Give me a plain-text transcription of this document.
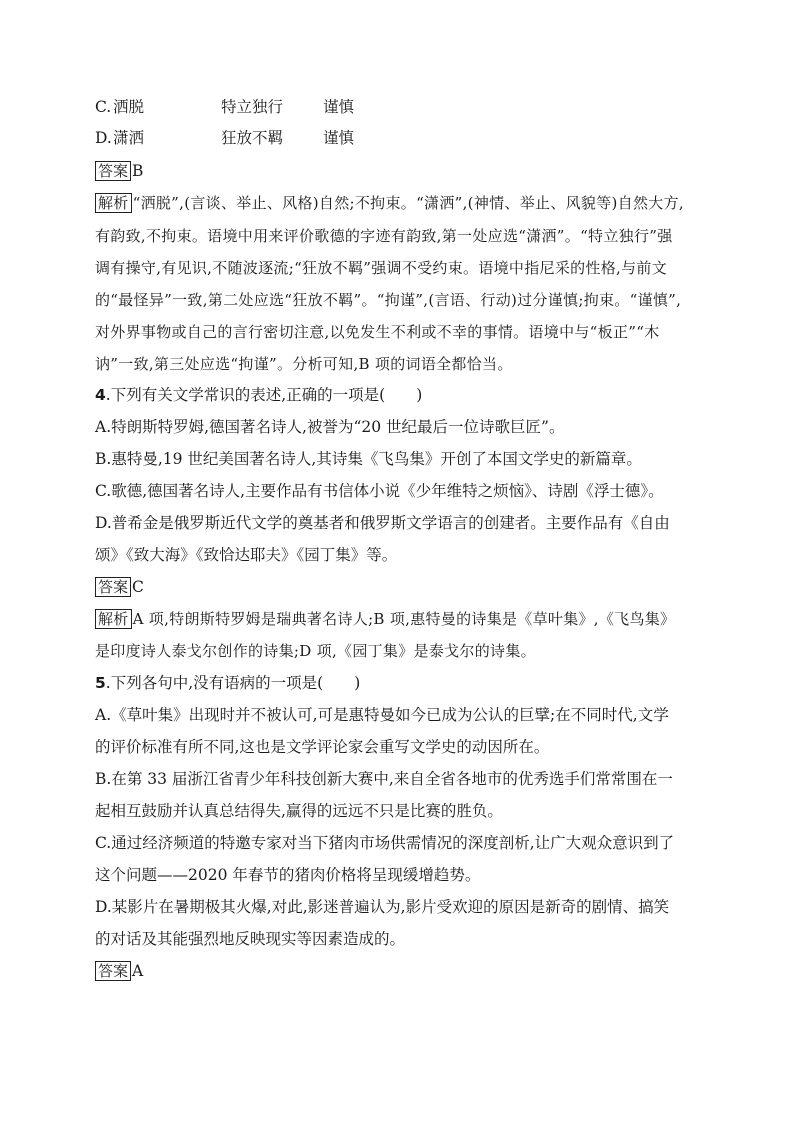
C. 洒脱	特立独行	谨慎
D. 潇洒	狂放不羁	谨慎
答案 B
解析 “洒脱”,(言谈、举止、风格)自然;不拘束。“潇洒”,(神情、举止、风貌等)自然大方,
有韵致,不拘束。语境中用来评价歌德的字迹有韵致,第一处应选“潇洒”。“特立独行”强
调有操守,有见识,不随波逐流;“狂放不羁”强调不受约束。语境中指尼采的性格,与前文
的“最怪异”一致,第二处应选“狂放不羁”。“拘谨”,(言语、行动)过分谨慎;拘束。“谨慎”,
对外界事物或自己的言行密切注意,以免发生不利或不幸的事情。语境中与“板正”“木
讷”一致,第三处应选“拘谨”。分析可知,B 项的词语全都恰当。
4.下列有关文学常识的表述,正确的一项是(　　)
A.特朗斯特罗姆,德国著名诗人,被誉为“20 世纪最后一位诗歌巨匠”。
B.惠特曼,19 世纪美国著名诗人,其诗集《飞鸟集》开创了本国文学史的新篇章。
C.歌德,德国著名诗人,主要作品有书信体小说《少年维特之烦恼》、诗剧《浮士德》。
D.普希金是俄罗斯近代文学的奠基者和俄罗斯文学语言的创建者。主要作品有《自由
颂》《致大海》《致恰达耶夫》《园丁集》等。
答案 C
解析 A 项,特朗斯特罗姆是瑞典著名诗人;B 项,惠特曼的诗集是《草叶集》,《飞鸟集》
是印度诗人泰戈尔创作的诗集;D 项,《园丁集》是泰戈尔的诗集。
5.下列各句中,没有语病的一项是(　　)
A.《草叶集》出现时并不被认可,可是惠特曼如今已成为公认的巨擘;在不同时代,文学
的评价标准有所不同,这也是文学评论家会重写文学史的动因所在。
B.在第 33 届浙江省青少年科技创新大赛中,来自全省各地市的优秀选手们常常围在一
起相互鼓励并认真总结得失,赢得的远远不只是比赛的胜负。
C.通过经济频道的特邀专家对当下猪肉市场供需情况的深度剖析,让广大观众意识到了
这个问题——2020 年春节的猪肉价格将呈现缓增趋势。
D.某影片在暑期极其火爆,对此,影迷普遍认为,影片受欢迎的原因是新奇的剧情、搞笑
的对话及其能强烈地反映现实等因素造成的。
答案 A
